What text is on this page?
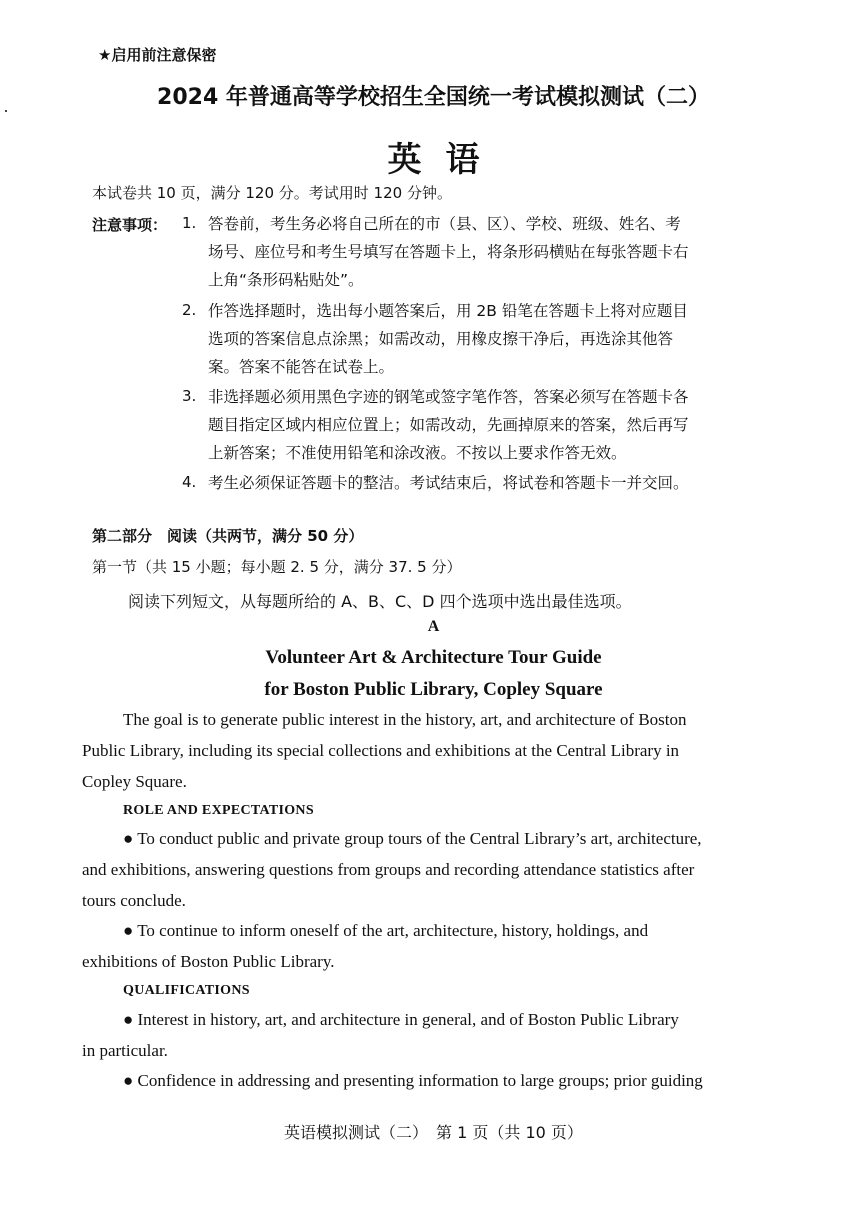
★启用前注意保密
2024 年普通高等学校招生全国统一考试模拟测试（二）
英语
本试卷共 10 页，满分 120 分。考试用时 120 分钟。
注意事项： 1. 答卷前，考生务必将自己所在的市（县、区）、学校、班级、姓名、考
场号、座位号和考生号填写在答题卡上，将条形码横贴在每张答题卡右
上角“条形码粘贴处”。
2. 作答选择题时，选出每小题答案后，用 2B 铅笔在答题卡上将对应题目
选项的答案信息点涂黑；如需改动，用橡皮擦干净后，再选涂其他答
案。答案不能答在试卷上。
3. 非选择题必须用黑色字迹的钢笔或签字笔作答，答案必须写在答题卡各
题目指定区域内相应位置上；如需改动，先画掉原来的答案，然后再写
上新答案；不准使用铅笔和涂改液。不按以上要求作答无效。
4. 考生必须保证答题卡的整洁。考试结束后，将试卷和答题卡一并交回。
第二部分　阅读（共两节，满分 50 分）
第一节（共 15 小题；每小题 2. 5 分，满分 37. 5 分）
阅读下列短文，从每题所给的 A、B、C、D 四个选项中选出最佳选项。
A
Volunteer Art & Architecture Tour Guide
for Boston Public Library, Copley Square
The goal is to generate public interest in the history, art, and architecture of Boston
Public Library, including its special collections and exhibitions at the Central Library in
Copley Square.
ROLE AND EXPECTATIONS
● To conduct public and private group tours of the Central Library’s art, architecture,
and exhibitions, answering questions from groups and recording attendance statistics after
tours conclude.
● To continue to inform oneself of the art, architecture, history, holdings, and
exhibitions of Boston Public Library.
QUALIFICATIONS
● Interest in history, art, and architecture in general, and of Boston Public Library
in particular.
● Confidence in addressing and presenting information to large groups; prior guiding
英语模拟测试（二）　第 1 页（共 10 页）
